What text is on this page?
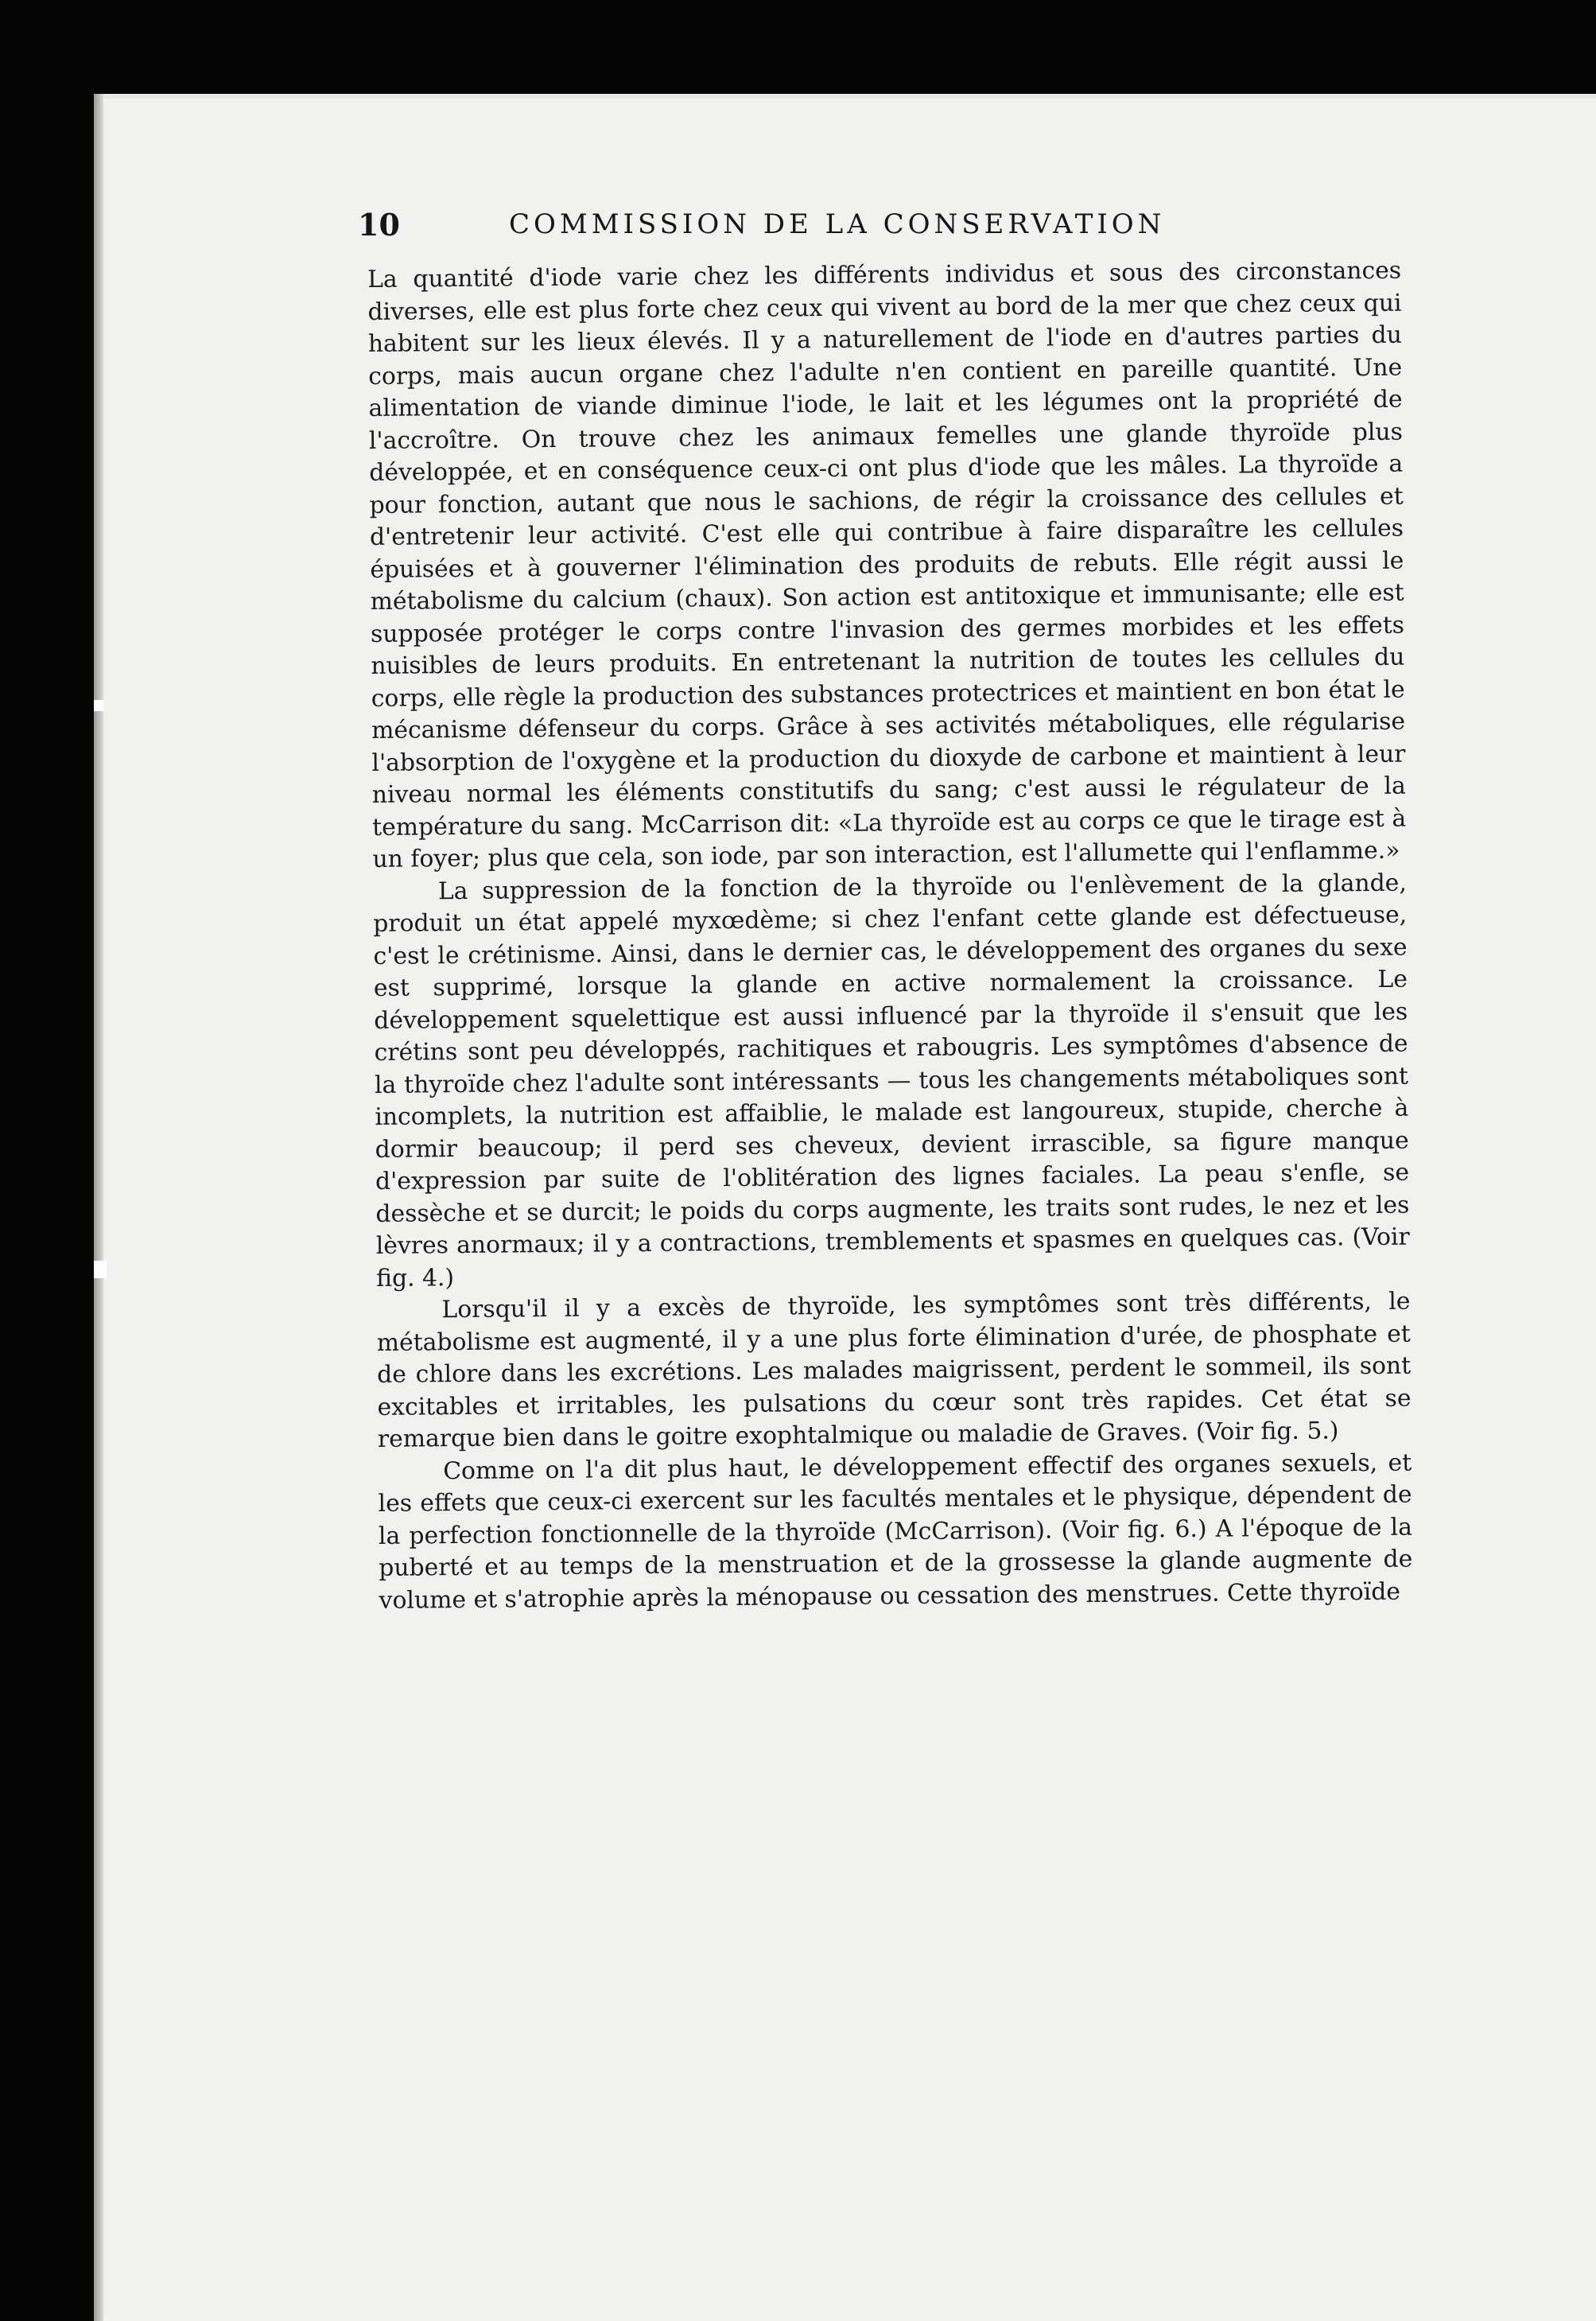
10	COMMISSION DE LA CONSERVATION

La quantité d'iode varie chez les différents individus et sous des circonstances diverses, elle est plus forte chez ceux qui vivent au bord de la mer que chez ceux qui habitent sur les lieux élevés. Il y a naturellement de l'iode en d'autres parties du corps, mais aucun organe chez l'adulte n'en contient en pareille quantité. Une alimentation de viande diminue l'iode, le lait et les légumes ont la propriété de l'accroître. On trouve chez les animaux femelles une glande thyroïde plus développée, et en conséquence ceux-ci ont plus d'iode que les mâles. La thyroïde a pour fonction, autant que nous le sachions, de régir la croissance des cellules et d'entretenir leur activité. C'est elle qui contribue à faire disparaître les cellules épuisées et à gouverner l'élimination des produits de rebuts. Elle régit aussi le métabolisme du calcium (chaux). Son action est antitoxique et immunisante; elle est supposée protéger le corps contre l'invasion des germes morbides et les effets nuisibles de leurs produits. En entretenant la nutrition de toutes les cellules du corps, elle règle la production des substances protectrices et maintient en bon état le mécanisme défenseur du corps. Grâce à ses activités métaboliques, elle régularise l'absorption de l'oxygène et la production du dioxyde de carbone et maintient à leur niveau normal les éléments constitutifs du sang; c'est aussi le régulateur de la température du sang. McCarrison dit: «La thyroïde est au corps ce que le tirage est à un foyer; plus que cela, son iode, par son interaction, est l'allumette qui l'enflamme.»

La suppression de la fonction de la thyroïde ou l'enlèvement de la glande, produit un état appelé myxœdème; si chez l'enfant cette glande est défectueuse, c'est le crétinisme. Ainsi, dans le dernier cas, le développement des organes du sexe est supprimé, lorsque la glande en active normalement la croissance. Le développement squelettique est aussi influencé par la thyroïde il s'ensuit que les crétins sont peu développés, rachitiques et rabougris. Les symptômes d'absence de la thyroïde chez l'adulte sont intéressants — tous les changements métaboliques sont incomplets, la nutrition est affaiblie, le malade est langoureux, stupide, cherche à dormir beaucoup; il perd ses cheveux, devient irrascible, sa figure manque d'expression par suite de l'oblitération des lignes faciales. La peau s'enfle, se dessèche et se durcit; le poids du corps augmente, les traits sont rudes, le nez et les lèvres anormaux; il y a contractions, tremblements et spasmes en quelques cas. (Voir fig. 4.)

Lorsqu'il il y a excès de thyroïde, les symptômes sont très différents, le métabolisme est augmenté, il y a une plus forte élimination d'urée, de phosphate et de chlore dans les excrétions. Les malades maigrissent, perdent le sommeil, ils sont excitables et irritables, les pulsations du cœur sont très rapides. Cet état se remarque bien dans le goitre exophtalmique ou maladie de Graves. (Voir fig. 5.)

Comme on l'a dit plus haut, le développement effectif des organes sexuels, et les effets que ceux-ci exercent sur les facultés mentales et le physique, dépendent de la perfection fonctionnelle de la thyroïde (McCarrison). (Voir fig. 6.) A l'époque de la puberté et au temps de la menstruation et de la grossesse la glande augmente de volume et s'atrophie après la ménopause ou cessation des menstrues. Cette thyroïde
